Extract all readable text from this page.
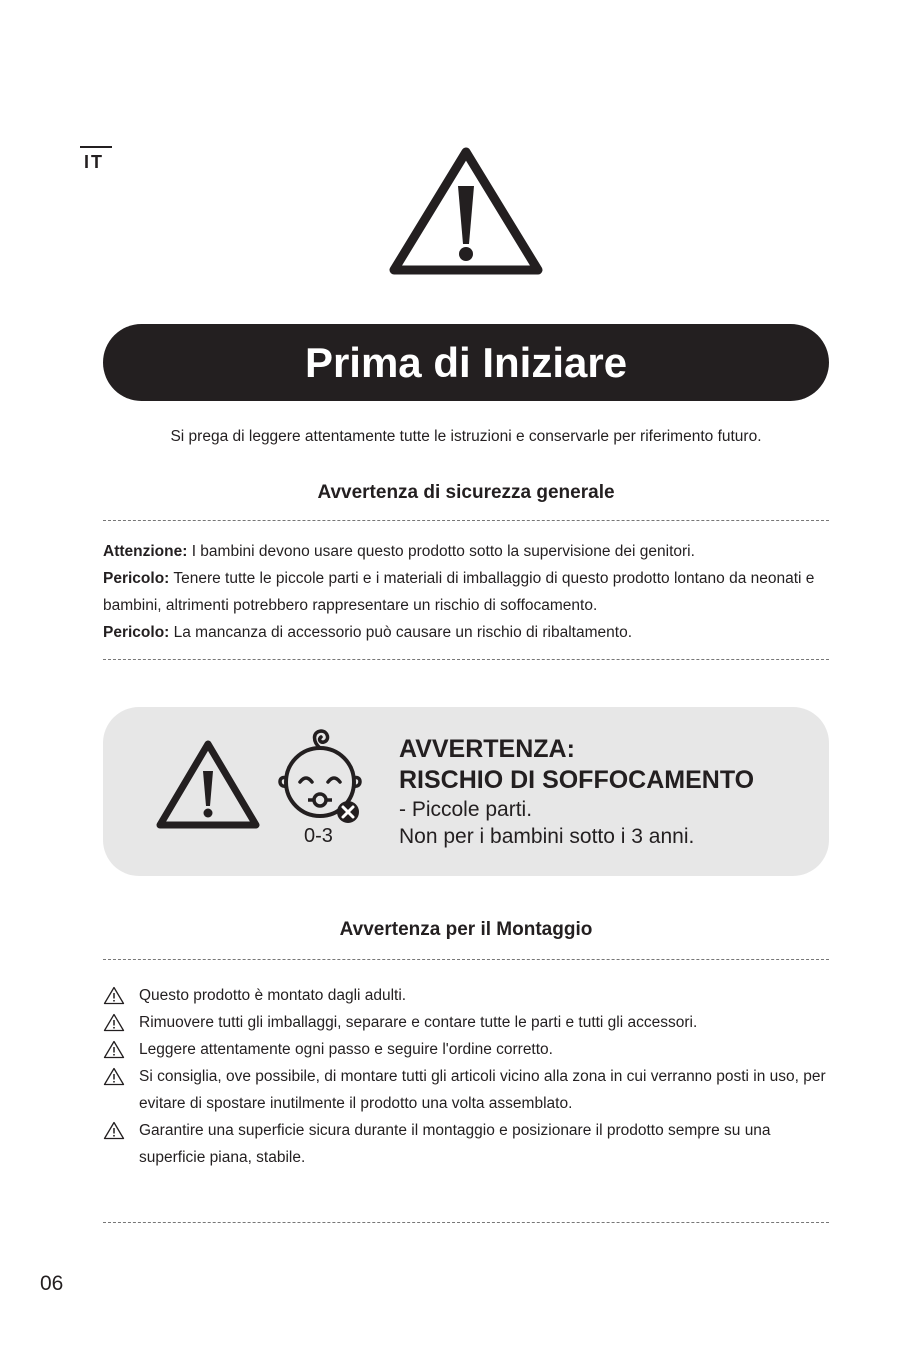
IT
Prima di Iniziare
Si prega di leggere attentamente tutte le istruzioni e conservarle per riferimento futuro.
Avvertenza di sicurezza generale

Attenzione: I bambini devono usare questo prodotto sotto la supervisione dei genitori.

Pericolo: Tenere tutte le piccole parti e i materiali di imballaggio di questo prodotto lontano da neonati e bambini, altrimenti potrebbero rappresentare un rischio di soffocamento.

Pericolo: La mancanza di accessorio può causare un rischio di ribaltamento.

0-3
AVVERTENZA:
RISCHIO DI SOFFOCAMENTO
- Piccole parti.
Non per i bambini sotto i 3 anni.
Avvertenza per il Montaggio
Questo prodotto è montato dagli adulti.
Rimuovere tutti gli imballaggi, separare e contare tutte le parti e tutti gli accessori.
Leggere attentamente ogni passo e seguire l'ordine corretto.
Si consiglia, ove possibile, di montare tutti gli articoli vicino alla zona in cui verranno posti in uso, per evitare di spostare inutilmente il prodotto una volta assemblato.
Garantire una superficie sicura durante il montaggio e posizionare il prodotto sempre su una superficie piana, stabile.
06
